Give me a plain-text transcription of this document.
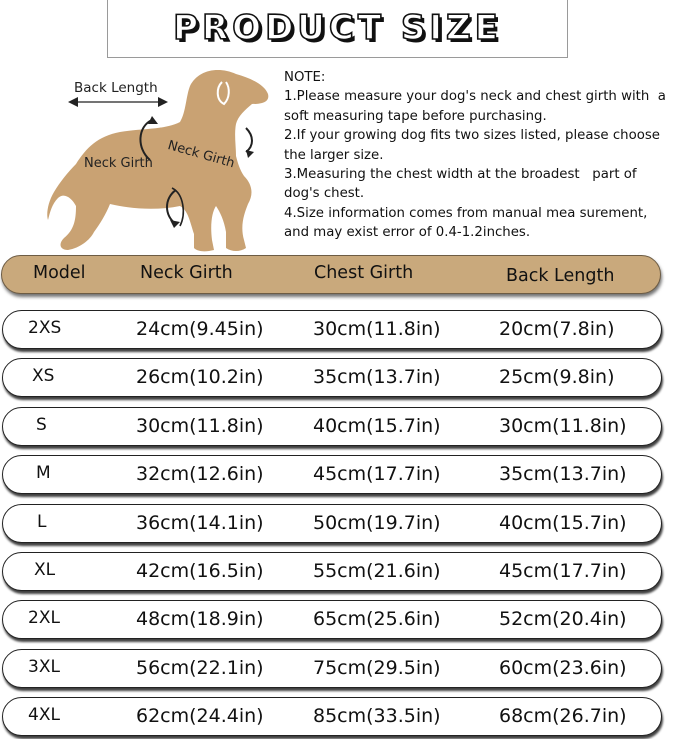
PRODUCT SIZE
Back Length
Neck Girth Neck Girth
NOTE:
1.Please measure your dog's neck and chest girth with  a
soft measuring tape before purchasing.
2.If your growing dog fits two sizes listed, please choose
the larger size.
3.Measuring the chest width at the broadest   part of
dog's chest.
4.Size information comes from manual mea surement,
and may exist error of 0.4-1.2inches.
Model	Neck Girth	Chest Girth	Back Length
2XS	24cm(9.45in)	30cm(11.8in)	20cm(7.8in)
XS	26cm(10.2in)	35cm(13.7in)	25cm(9.8in)
S	30cm(11.8in)	40cm(15.7in)	30cm(11.8in)
M	32cm(12.6in)	45cm(17.7in)	35cm(13.7in)
L	36cm(14.1in)	50cm(19.7in)	40cm(15.7in)
XL	42cm(16.5in)	55cm(21.6in)	45cm(17.7in)
2XL	48cm(18.9in)	65cm(25.6in)	52cm(20.4in)
3XL	56cm(22.1in)	75cm(29.5in)	60cm(23.6in)
4XL	62cm(24.4in)	85cm(33.5in)	68cm(26.7in)
